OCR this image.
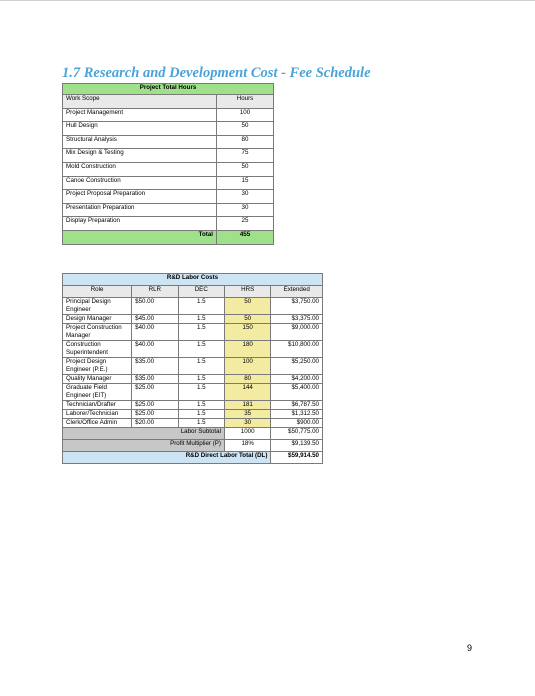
1.7 Research and Development Cost - Fee Schedule
Project Total Hours	
Work Scope	Hours
Project Management	100
Hull Design	50
Structural Analysis	80
Mix Design & Testing	75
Mold Construction	50
Canoe Construction	15
Project Proposal Preparation	30
Presentation Preparation	30
Display Preparation	25
Total	455
R&D Labor Costs				
Role	RLR	DEC	HRS	Extended
Principal Design Engineer	$50.00	1.5	50	$3,750.00
Design Manager	$45.00	1.5	50	$3,375.00
Project Construction Manager	$40.00	1.5	150	$9,000.00
Construction Superintendent	$40.00	1.5	180	$10,800.00
Project Design Engineer (P.E.)	$35.00	1.5	100	$5,250.00
Quality Manager	$35.00	1.5	80	$4,200.00
Graduate Field Engineer (EIT)	$25.00	1.5	144	$5,400.00
Technician/Drafter	$25.00	1.5	181	$6,787.50
Laborer/Technician	$25.00	1.5	35	$1,312.50
Clerk/Office Admin	$20.00	1.5	30	$900.00
Labor Subtotal			1000	$50,775.00
Profit Multiplier (P)			18%	$9,139.50
R&D Direct Labor Total (DL)				$59,914.50
9
